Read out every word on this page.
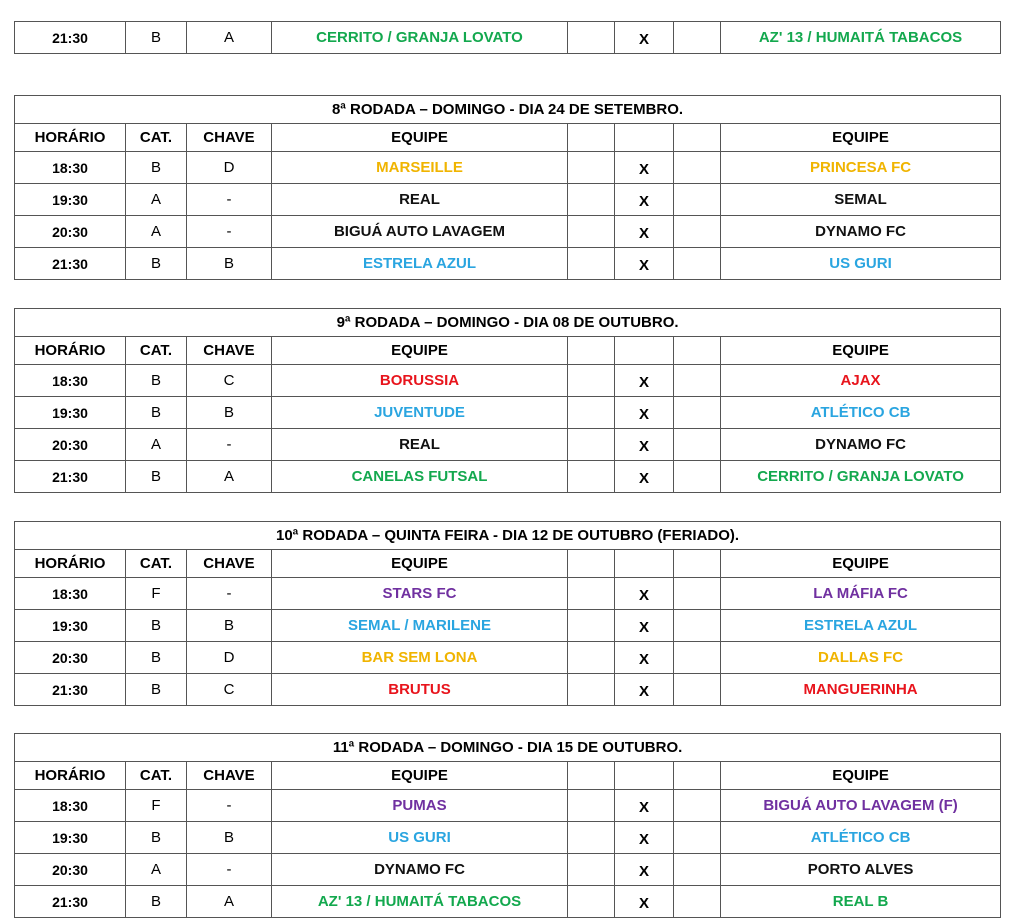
21:30	B	A	CERRITO / GRANJA LOVATO		X		AZ' 13 / HUMAITÁ TABACOS
8ª RODADA – DOMINGO - DIA 24 DE SETEMBRO.							
HORÁRIO	CAT.	CHAVE	EQUIPE				EQUIPE
18:30	B	D	MARSEILLE		X		PRINCESA FC
19:30	A	-	REAL		X		SEMAL
20:30	A	-	BIGUÁ AUTO LAVAGEM		X		DYNAMO FC
21:30	B	B	ESTRELA AZUL		X		US GURI
9ª RODADA – DOMINGO - DIA 08 DE OUTUBRO.							
HORÁRIO	CAT.	CHAVE	EQUIPE				EQUIPE
18:30	B	C	BORUSSIA		X		AJAX
19:30	B	B	JUVENTUDE		X		ATLÉTICO CB
20:30	A	-	REAL		X		DYNAMO FC
21:30	B	A	CANELAS FUTSAL		X		CERRITO / GRANJA LOVATO
10ª RODADA – QUINTA FEIRA - DIA 12 DE OUTUBRO (FERIADO).							
HORÁRIO	CAT.	CHAVE	EQUIPE				EQUIPE
18:30	F	-	STARS FC		X		LA MÁFIA FC
19:30	B	B	SEMAL / MARILENE		X		ESTRELA AZUL
20:30	B	D	BAR SEM LONA		X		DALLAS FC
21:30	B	C	BRUTUS		X		MANGUERINHA
11ª RODADA – DOMINGO - DIA 15 DE OUTUBRO.							
HORÁRIO	CAT.	CHAVE	EQUIPE				EQUIPE
18:30	F	-	PUMAS		X		BIGUÁ AUTO LAVAGEM (F)
19:30	B	B	US GURI		X		ATLÉTICO CB
20:30	A	-	DYNAMO FC		X		PORTO ALVES
21:30	B	A	AZ' 13 / HUMAITÁ TABACOS		X		REAL B
